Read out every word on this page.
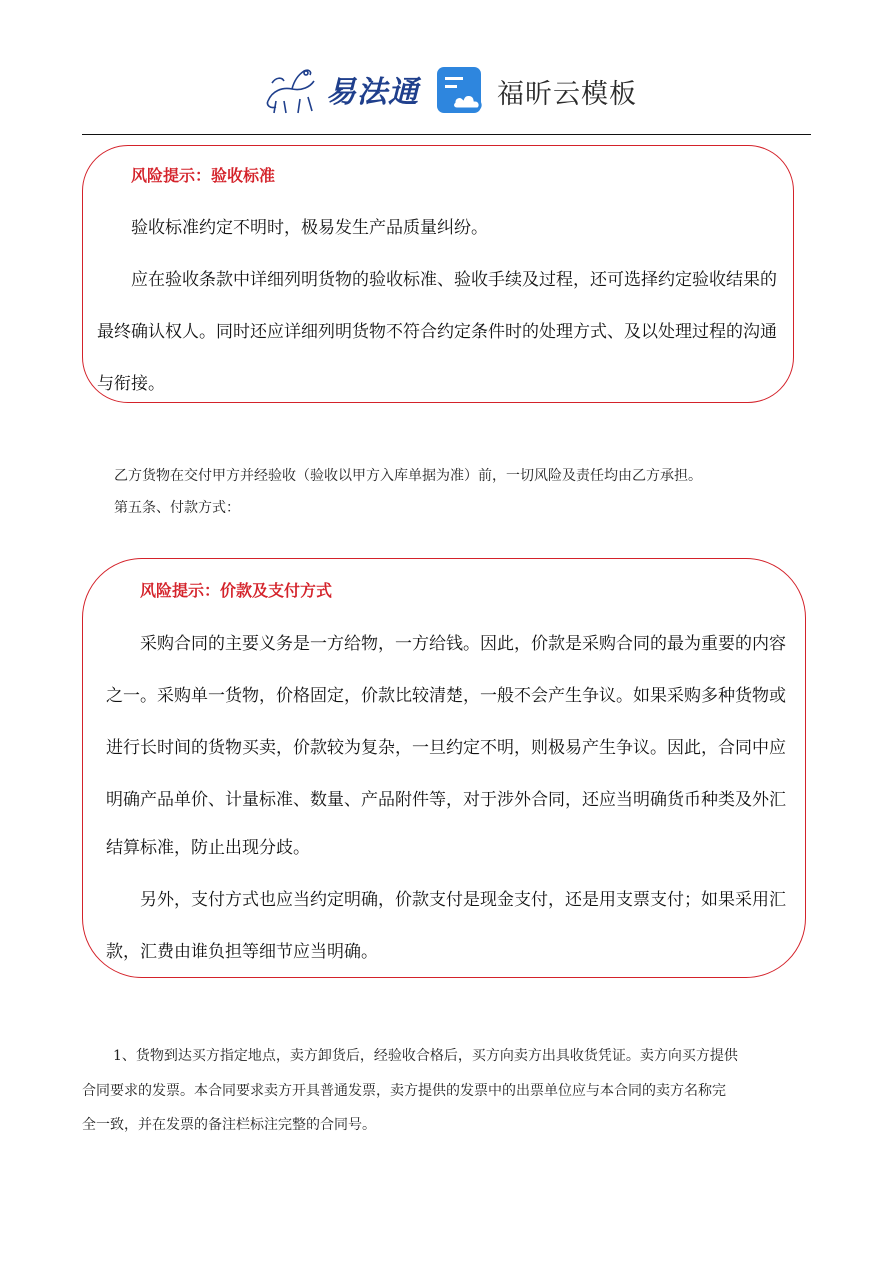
易法通	福昕云模板
风险提示：验收标准
验收标准约定不明时，极易发生产品质量纠纷。
应在验收条款中详细列明货物的验收标准、验收手续及过程，还可选择约定验收结果的
最终确认权人。同时还应详细列明货物不符合约定条件时的处理方式、及以处理过程的沟通
与衔接。
乙方货物在交付甲方并经验收（验收以甲方入库单据为准）前，一切风险及责任均由乙方承担。
第五条、付款方式：
风险提示：价款及支付方式
采购合同的主要义务是一方给物，一方给钱。因此，价款是采购合同的最为重要的内容
之一。采购单一货物，价格固定，价款比较清楚，一般不会产生争议。如果采购多种货物或
进行长时间的货物买卖，价款较为复杂，一旦约定不明，则极易产生争议。因此，合同中应
明确产品单价、计量标准、数量、产品附件等，对于涉外合同，还应当明确货币种类及外汇
结算标准，防止出现分歧。
另外，支付方式也应当约定明确，价款支付是现金支付，还是用支票支付；如果采用汇
款，汇费由谁负担等细节应当明确。
1、货物到达买方指定地点，卖方卸货后，经验收合格后，买方向卖方出具收货凭证。卖方向买方提供
合同要求的发票。本合同要求卖方开具普通发票，卖方提供的发票中的出票单位应与本合同的卖方名称完
全一致，并在发票的备注栏标注完整的合同号。
